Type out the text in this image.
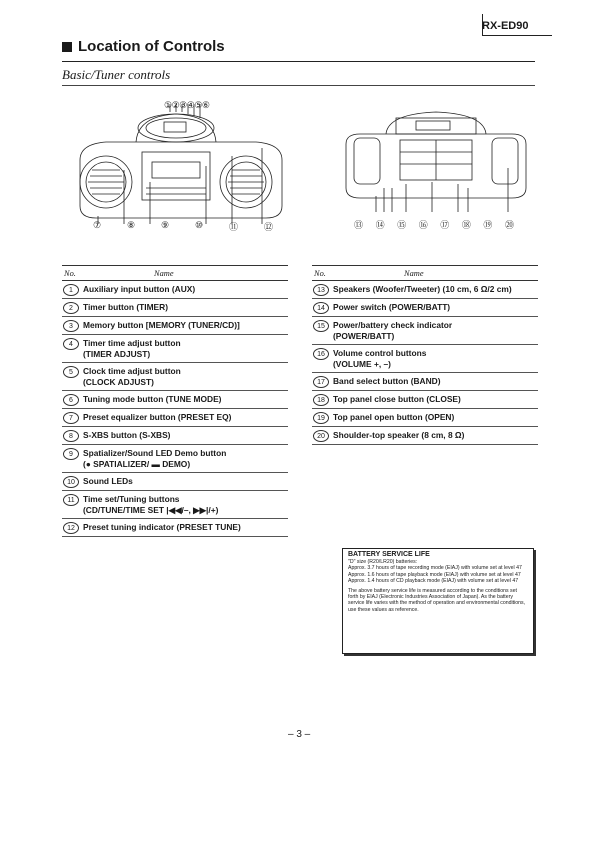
RX-ED90
Location of Controls
Basic/Tuner controls
①②③④⑤⑥
⑦	⑧	⑨	⑩	⑪	⑫	⑬ ⑭ ⑮ ⑯ ⑰ ⑱ ⑲ ⑳
No.	Name
1	Auxiliary input button (AUX)
2	Timer button (TIMER)
3	Memory button [MEMORY (TUNER/CD)]
4	Timer time adjust button
(TIMER ADJUST)
5	Clock time adjust button
(CLOCK ADJUST)
6	Tuning mode button (TUNE MODE)
7	Preset equalizer button (PRESET EQ)
8	S-XBS button (S-XBS)
9	Spatializer/Sound LED Demo button
(● SPATIALIZER/ ▬ DEMO)
10 Sound LEDs
11 Time set/Tuning buttons
(CD/TUNE/TIME SET |◀◀/–, ▶▶|/+)
12 Preset tuning indicator (PRESET TUNE)
No.	Name
13 Speakers (Woofer/Tweeter) (10 cm, 6 Ω/2 cm)
14 Power switch (POWER/BATT)
15 Power/battery check indicator
(POWER/BATT)
16 Volume control buttons
(VOLUME +, –)
17 Band select button (BAND)
18 Top panel close button (CLOSE)
19 Top panel open button (OPEN)
20 Shoulder-top speaker (8 cm, 8 Ω)
BATTERY SERVICE LIFE

"D" size (R20/LR20) batteries:

Approx. 3.7 hours of tape recording mode (EIAJ) with volume set at level 47

Approx. 1.6 hours of tape playback mode (EIAJ) with volume set at level 47

Approx. 1.4 hours of CD playback mode (EIAJ) with volume set at level 47

The above battery service life is measured according to the conditions set forth by EIAJ (Electronic Industries Association of Japan). As the battery service life varies with the method of operation and environmental conditions, use these values as reference.

– 3 –
